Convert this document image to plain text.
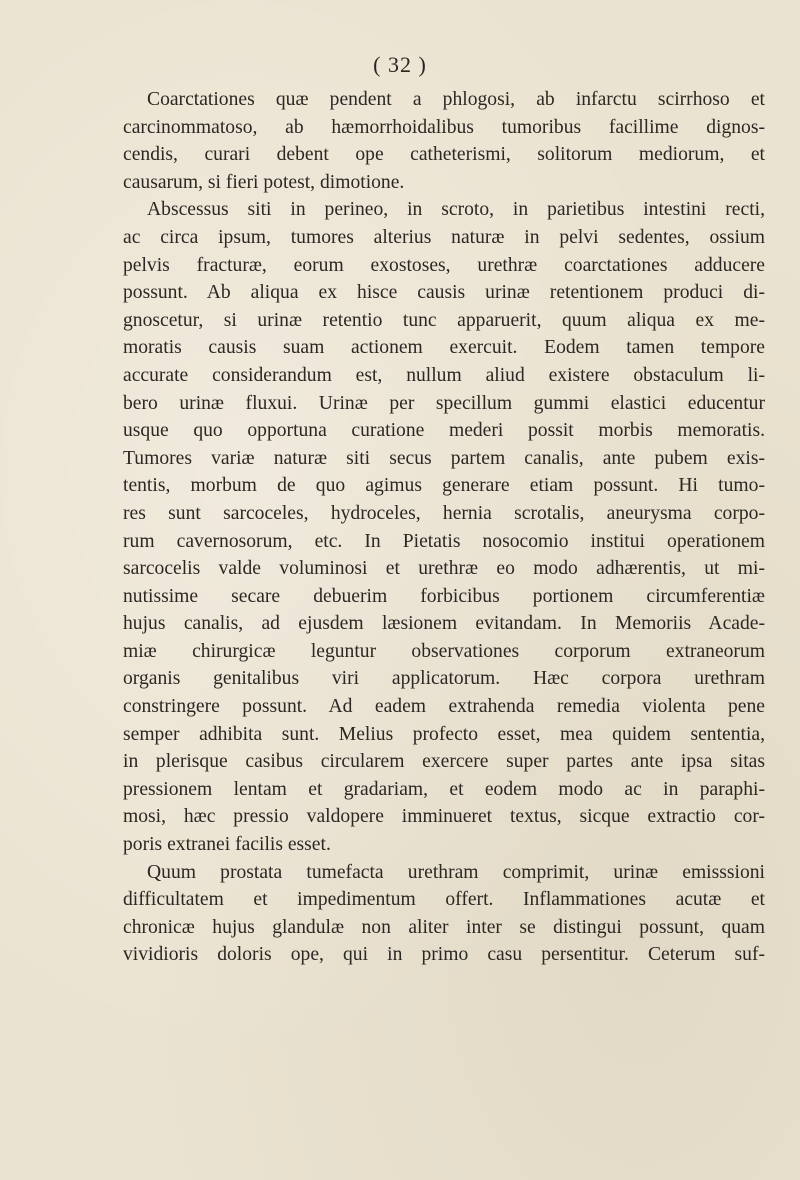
( 32 )
Coarctationes quæ pendent a phlogosi, ab infarctu scirrhoso et
carcinommatoso, ab hæmorrhoidalibus tumoribus facillime dignos-
cendis, curari debent ope catheterismi, solitorum mediorum, et
causarum, si fieri potest, dimotione.
Abscessus siti in perineo, in scroto, in parietibus intestini recti,
ac circa ipsum, tumores alterius naturæ in pelvi sedentes, ossium
pelvis fracturæ, eorum exostoses, urethræ coarctationes adducere
possunt. Ab aliqua ex hisce causis urinæ retentionem produci di-
gnoscetur, si urinæ retentio tunc apparuerit, quum aliqua ex me-
moratis causis suam actionem exercuit. Eodem tamen tempore
accurate considerandum est, nullum aliud existere obstaculum li-
bero urinæ fluxui. Urinæ per specillum gummi elastici educentur
usque quo opportuna curatione mederi possit morbis memoratis.
Tumores variæ naturæ siti secus partem canalis, ante pubem exis-
tentis, morbum de quo agimus generare etiam possunt. Hi tumo-
res sunt sarcoceles, hydroceles, hernia scrotalis, aneurysma corpo-
rum cavernosorum, etc. In Pietatis nosocomio institui operationem
sarcocelis valde voluminosi et urethræ eo modo adhærentis, ut mi-
nutissime secare debuerim forbicibus portionem circumferentiæ
hujus canalis, ad ejusdem læsionem evitandam. In Memoriis Acade-
miæ chirurgicæ leguntur observationes corporum extraneorum
organis genitalibus viri applicatorum. Hæc corpora urethram
constringere possunt. Ad eadem extrahenda remedia violenta pene
semper adhibita sunt. Melius profecto esset, mea quidem sententia,
in plerisque casibus circularem exercere super partes ante ipsa sitas
pressionem lentam et gradariam, et eodem modo ac in paraphi-
mosi, hæc pressio valdopere imminueret textus, sicque extractio cor-
poris extranei facilis esset.
Quum prostata tumefacta urethram comprimit, urinæ emisssioni
difficultatem et impedimentum offert. Inflammationes acutæ et
chronicæ hujus glandulæ non aliter inter se distingui possunt, quam
vividioris doloris ope, qui in primo casu persentitur. Ceterum suf-
